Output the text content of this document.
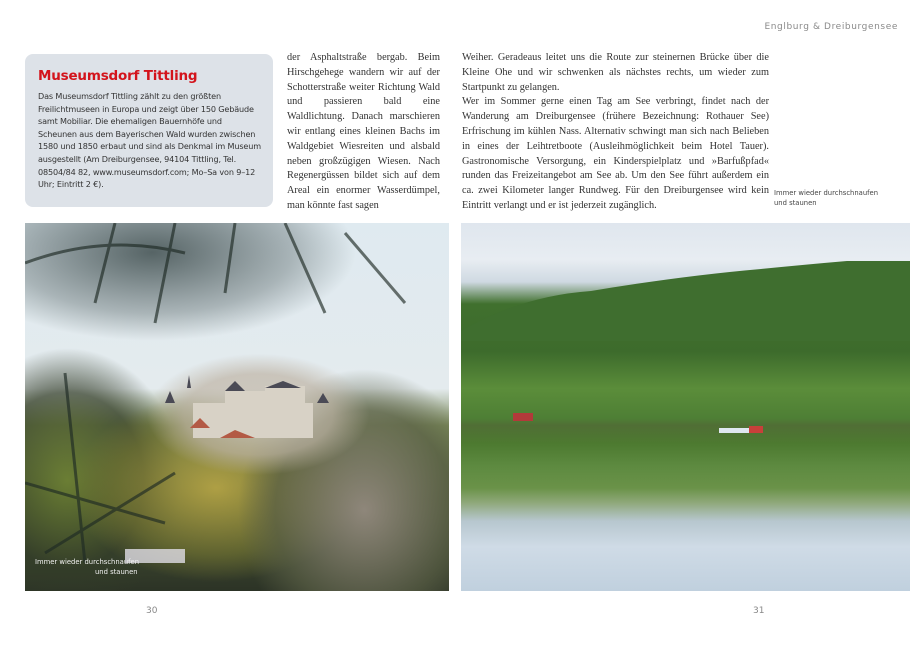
Englburg & Dreiburgensee
Museumsdorf Tittling

Das Museumsdorf Tittling zählt zu den größten Freilichtmuseen in Europa und zeigt über 150 Gebäude samt Mobiliar. Die ehemaligen Bauernhöfe und Scheunen aus dem Bayerischen Wald wurden zwischen 1580 und 1850 erbaut und sind als Denkmal im Museum ausgestellt (Am Dreiburgensee, 94104 Tittling, Tel. 08504/84 82, www.museumsdorf.com; Mo–Sa von 9–12 Uhr; Eintritt 2 €).

der Asphaltstraße bergab. Beim Hirschgehege wandern wir auf der Schotterstraße weiter Richtung Wald und passieren bald eine Waldlichtung. Danach marschieren wir entlang eines kleinen Bachs im Waldgebiet Wiesreiten und alsbald neben großzügigen Wiesen. Nach Regenergüssen bildet sich auf dem Areal ein enormer Wasserdümpel, man könnte fast sagen

Weiher. Geradeaus leitet uns die Route zur steinernen Brücke über die Kleine Ohe und wir schwenken als nächstes rechts, um wieder zum Startpunkt zu gelangen.

Wer im Sommer gerne einen Tag am See verbringt, findet nach der Wanderung am Dreiburgensee (frühere Bezeichnung: Rothauer See) Erfrischung im kühlen Nass. Alternativ schwingt man sich nach Belieben in eines der Leihtretboote (Ausleihmöglichkeit beim Hotel Tauer). Gastronomische Versorgung, ein Kinderspielplatz und »Barfußpfad« runden das Freizeitangebot am See ab. Um den See führt außerdem ein ca. zwei Kilometer langer Rundweg. Für den Dreiburgensee wird kein Eintritt verlangt und er ist jederzeit zugänglich.

Immer wieder durchschnaufen
und staunen
Immer wieder durchschnaufen
und staunen
30	31
